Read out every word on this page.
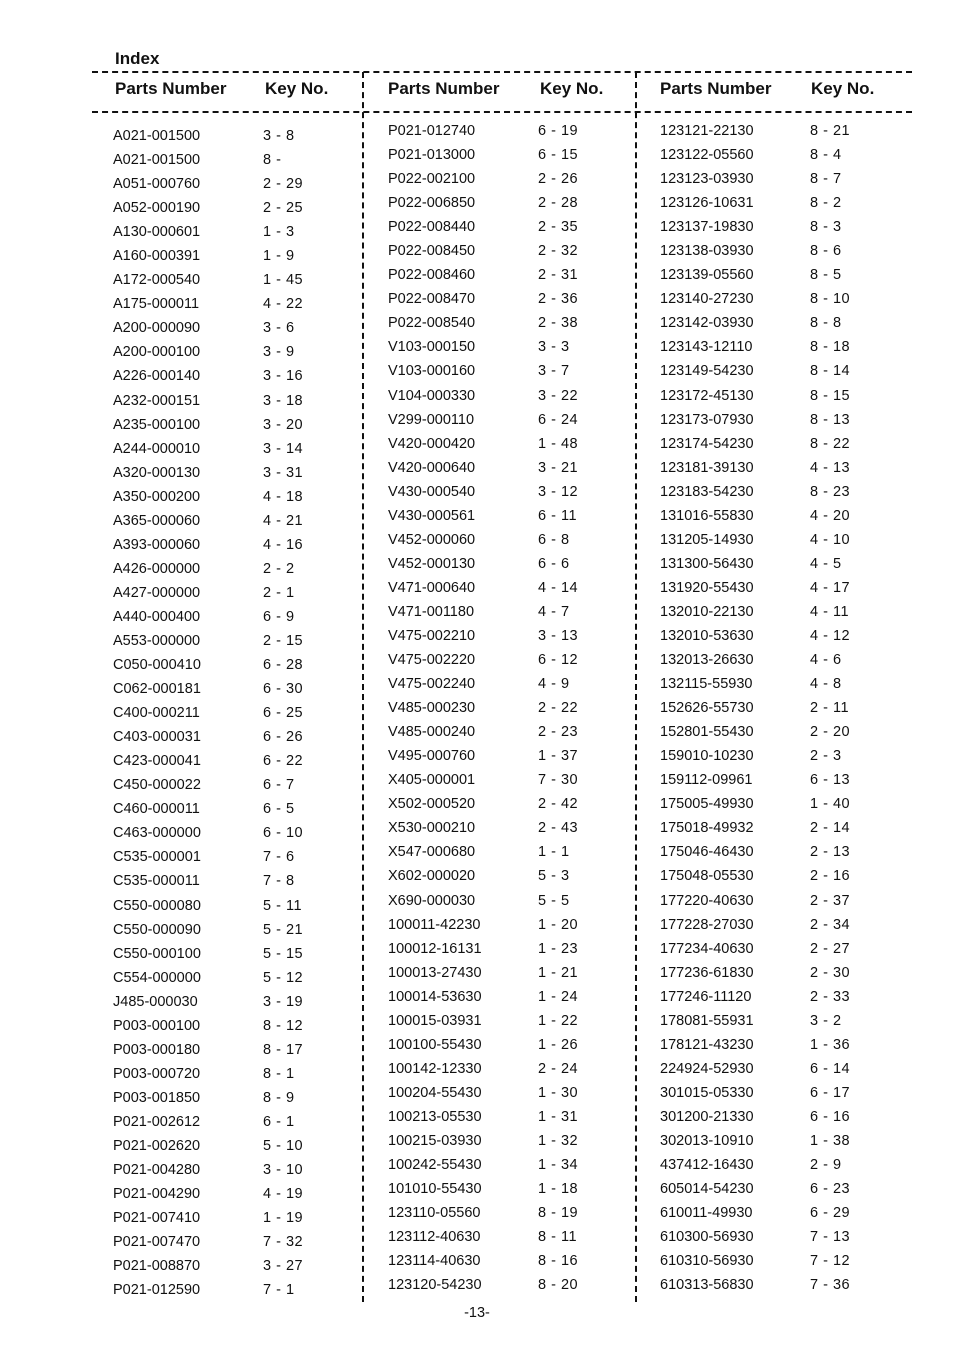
Index
Parts Number Key No.	Parts Number Key No.	Parts Number Key No.
A021-001500	3 - 8
A021-001500	8 -
A051-000760	2 - 29
A052-000190	2 - 25
A130-000601	1 - 3
A160-000391	1 - 9
A172-000540	1 - 45
A175-000011	4 - 22
A200-000090	3 - 6
A200-000100	3 - 9
A226-000140	3 - 16
A232-000151	3 - 18
A235-000100	3 - 20
A244-000010	3 - 14
A320-000130	3 - 31
A350-000200	4 - 18
A365-000060	4 - 21
A393-000060	4 - 16
A426-000000	2 - 2
A427-000000	2 - 1
A440-000400	6 - 9
A553-000000	2 - 15
C050-000410	6 - 28
C062-000181	6 - 30
C400-000211	6 - 25
C403-000031	6 - 26
C423-000041	6 - 22
C450-000022	6 - 7
C460-000011	6 - 5
C463-000000	6 - 10
C535-000001	7 - 6
C535-000011	7 - 8
C550-000080	5 - 11
C550-000090	5 - 21
C550-000100	5 - 15
C554-000000	5 - 12
J485-000030	3 - 19
P003-000100	8 - 12
P003-000180	8 - 17
P003-000720	8 - 1
P003-001850	8 - 9
P021-002612	6 - 1
P021-002620	5 - 10
P021-004280	3 - 10
P021-004290	4 - 19
P021-007410	1 - 19
P021-007470	7 - 32
P021-008870	3 - 27
P021-012590	7 - 1
P021-012740	6 - 19
P021-013000	6 - 15
P022-002100	2 - 26
P022-006850	2 - 28
P022-008440	2 - 35
P022-008450	2 - 32
P022-008460	2 - 31
P022-008470	2 - 36
P022-008540	2 - 38
V103-000150	3 - 3
V103-000160	3 - 7
V104-000330	3 - 22
V299-000110	6 - 24
V420-000420	1 - 48
V420-000640	3 - 21
V430-000540	3 - 12
V430-000561	6 - 11
V452-000060	6 - 8
V452-000130	6 - 6
V471-000640	4 - 14
V471-001180	4 - 7
V475-002210	3 - 13
V475-002220	6 - 12
V475-002240	4 - 9
V485-000230	2 - 22
V485-000240	2 - 23
V495-000760	1 - 37
X405-000001	7 - 30
X502-000520	2 - 42
X530-000210	2 - 43
X547-000680	1 - 1
X602-000020	5 - 3
X690-000030	5 - 5
100011-42230	1 - 20
100012-16131	1 - 23
100013-27430	1 - 21
100014-53630	1 - 24
100015-03931	1 - 22
100100-55430	1 - 26
100142-12330	2 - 24
100204-55430	1 - 30
100213-05530	1 - 31
100215-03930	1 - 32
100242-55430	1 - 34
101010-55430	1 - 18
123110-05560	8 - 19
123112-40630	8 - 11
123114-40630	8 - 16
123120-54230	8 - 20
123121-22130	8 - 21
123122-05560	8 - 4
123123-03930	8 - 7
123126-10631	8 - 2
123137-19830	8 - 3
123138-03930	8 - 6
123139-05560	8 - 5
123140-27230	8 - 10
123142-03930	8 - 8
123143-12110	8 - 18
123149-54230	8 - 14
123172-45130	8 - 15
123173-07930	8 - 13
123174-54230	8 - 22
123181-39130	4 - 13
123183-54230	8 - 23
131016-55830	4 - 20
131205-14930	4 - 10
131300-56430	4 - 5
131920-55430	4 - 17
132010-22130	4 - 11
132010-53630	4 - 12
132013-26630	4 - 6
132115-55930	4 - 8
152626-55730	2 - 11
152801-55430	2 - 20
159010-10230	2 - 3
159112-09961	6 - 13
175005-49930	1 - 40
175018-49932	2 - 14
175046-46430	2 - 13
175048-05530	2 - 16
177220-40630	2 - 37
177228-27030	2 - 34
177234-40630	2 - 27
177236-61830	2 - 30
177246-11120	2 - 33
178081-55931	3 - 2
178121-43230	1 - 36
224924-52930	6 - 14
301015-05330	6 - 17
301200-21330	6 - 16
302013-10910	1 - 38
437412-16430	2 - 9
605014-54230	6 - 23
610011-49930	6 - 29
610300-56930	7 - 13
610310-56930	7 - 12
610313-56830	7 - 36
-13-
